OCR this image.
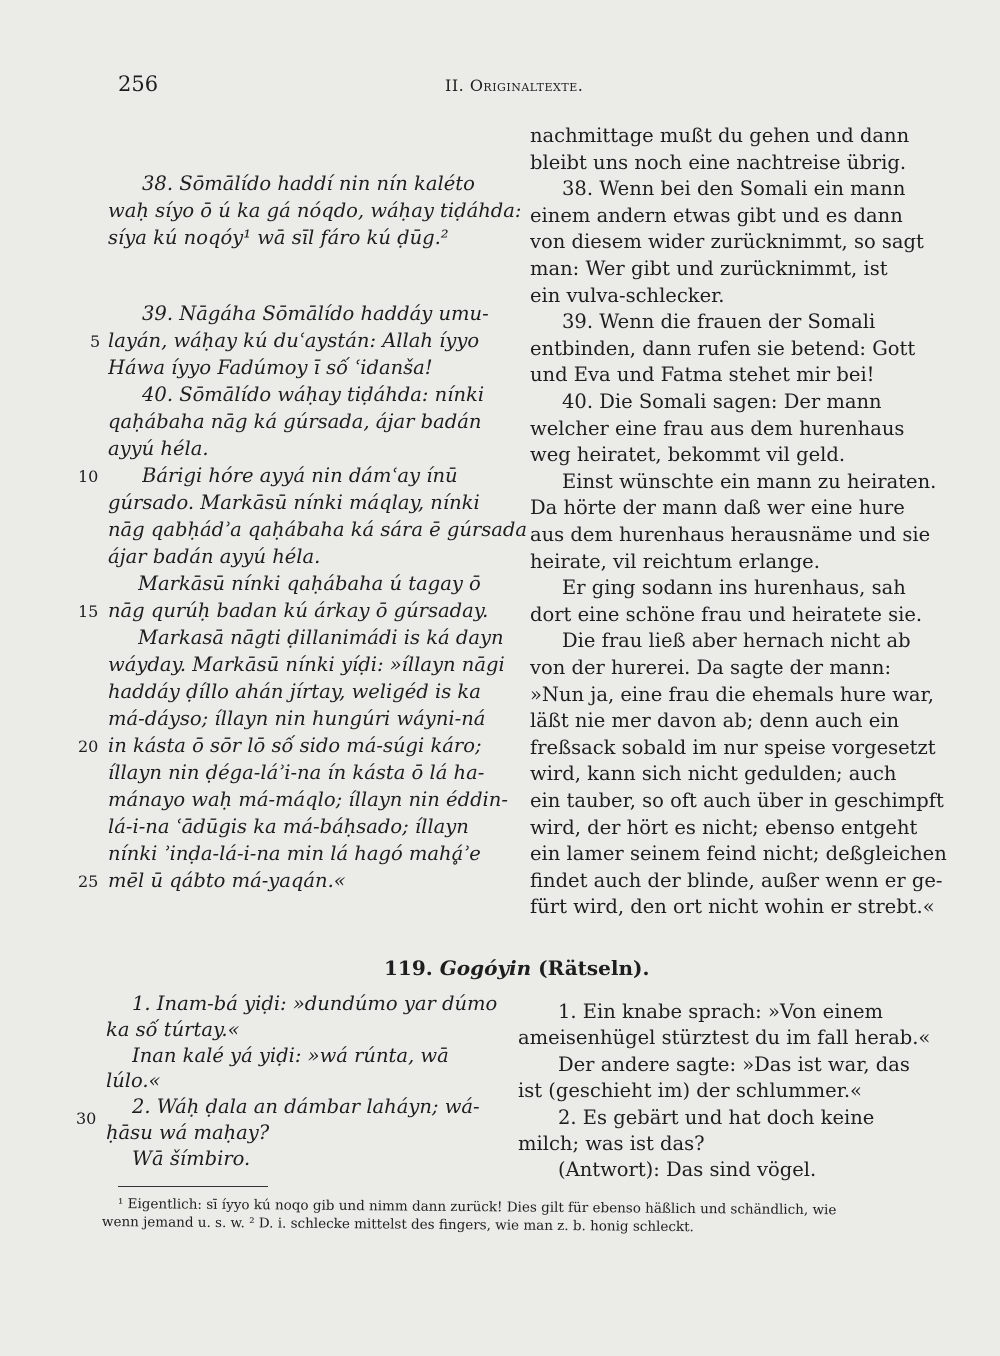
256	II. Originaltexte.
38. Sōmālído haddí nin nín kaléto
waḥ síyo ō ú ka gá nóqdo, wáḥay tiḍáhda:
síya kú noqóy¹ wā sīl fáro kú ḍūg.²
39. Nāgáha Sōmālído haddáy umu-
layán, wáḥay kú duʿaystán: Allah íyyo
Háwa íyyo Fadúmoy ī số ʿidanša!
40. Sōmālído wáḥay tiḍáhda: nínki
qaḥábaha nāg ká gúrsada, ájar badán
ayyú héla.
Bárigi hóre ayyá nin dámʿay ínū
gúrsado. Markāsū nínki máqlay, nínki
nāg qabḥádʾa qaḥábaha ká sára ē gúrsada
ájar badán ayyú héla.
Markāsū nínki qaḥábaha ú tagay ō
nāg qurúḥ badan kú árkay ō gúrsaday.
Markasā nāgti ḍillanimádi is ká dayn
wáyday. Markāsū nínki yíḍi: »íllayn nāgi
haddáy ḍíllo ahán jírtay, weligéd is ka
má-dáyso; íllayn nin hungúri wáyni-ná
in kásta ō sōr lō số sido má-súgi káro;
íllayn nin ḍéga-láʾi-na ín kásta ō lá ha-
mánayo waḥ má-máqlo; íllayn nin éddin-
lá-i-na ʿādūgis ka má-báḥsado; íllayn
nínki ʾinḍa-lá-i-na min lá hagó mahḁ́ʾe
mēl ū qábto má-yaqán.«
5
10
15
20
25
nachmittage mußt du gehen und dann
bleibt uns noch eine nachtreise übrig.
38. Wenn bei den Somali ein mann
einem andern etwas gibt und es dann
von diesem wider zurücknimmt, so sagt
man: Wer gibt und zurücknimmt, ist
ein vulva-schlecker.
39. Wenn die frauen der Somali
entbinden, dann rufen sie betend: Gott
und Eva und Fatma stehet mir bei!
40. Die Somali sagen: Der mann
welcher eine frau aus dem hurenhaus
weg heiratet, bekommt vil geld.
Einst wünschte ein mann zu heiraten.
Da hörte der mann daß wer eine hure
aus dem hurenhaus herausnäme und sie
heirate, vil reichtum erlange.
Er ging sodann ins hurenhaus, sah
dort eine schöne frau und heiratete sie.
Die frau ließ aber hernach nicht ab
von der hurerei. Da sagte der mann:
»Nun ja, eine frau die ehemals hure war,
läßt nie mer davon ab; denn auch ein
freßsack sobald im nur speise vorgesetzt
wird, kann sich nicht gedulden; auch
ein tauber, so oft auch über in geschimpft
wird, der hört es nicht; ebenso entgeht
ein lamer seinem feind nicht; deßgleichen
findet auch der blinde, außer wenn er ge-
fürt wird, den ort nicht wohin er strebt.«
119. Gogóyin (Rätseln).
1. Inam-bá yiḍi: »dundúmo yar dúmo
ka số túrtay.«
Inan kalé yá yiḍi: »wá rúnta, wā
lúlo.«
2. Wáḥ ḍala an dámbar laháyn; wá-
ḥāsu wá maḥay?
Wā šímbiro.
30
1. Ein knabe sprach: »Von einem
ameisenhügel stürztest du im fall herab.«
Der andere sagte: »Das ist war, das
ist (geschieht im) der schlummer.«
2. Es gebärt und hat doch keine
milch; was ist das?
(Antwort): Das sind vögel.
¹ Eigentlich: sī íyyo kú noqo gib und nimm dann zurück! Dies gilt für ebenso häßlich und schändlich, wie
wenn jemand u. s. w. ² D. i. schlecke mittelst des fingers, wie man z. b. honig schleckt.
